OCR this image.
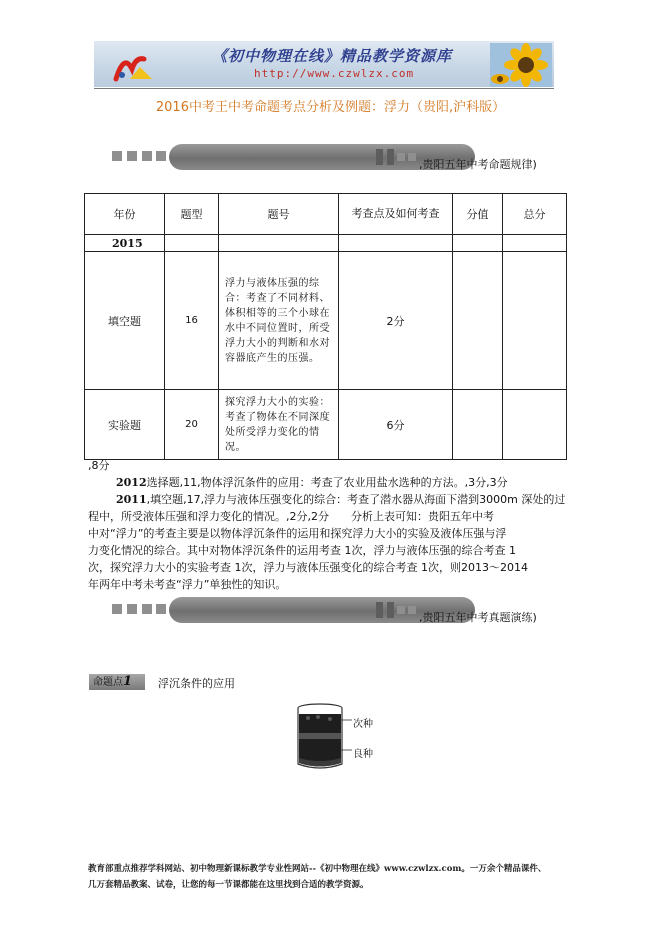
《初中物理在线》精品教学资源库
http://www.czwlzx.com
2016中考王中考命题考点分析及例题：浮力（贵阳,沪科版）
,贵阳五年中考命题规律)
年份	题型	题号	考查点及如何考查	分值	总分
2015					
填空题	16	浮力与液体压强的综合：考查了不同材料、体积相等的三个小球在水中不同位置时，所受浮力大小的判断和水对容器底产生的压强。	2分		
实验题	20	探究浮力大小的实验：考查了物体在不同深度处所受浮力变化的情况。	6分		
,8分
2012选择题,11,物体浮沉条件的应用：考查了农业用盐水选种的方法。,3分,3分
2011,填空题,17,浮力与液体压强变化的综合：考查了潜水器从海面下潜到3000m 深处的过程中，所受液体压强和浮力变化的情况。,2分,2分　　 分析上表可知：贵阳五年中考
中对“浮力”的考查主要是以物体浮沉条件的运用和探究浮力大小的实验及液体压强与浮
力变化情况的综合。其中对物体浮沉条件的运用考查 1次，浮力与液体压强的综合考查 1
次，探究浮力大小的实验考查 1次，浮力与液体压强变化的综合考查 1次，则2013～2014
年两年中考未考查“浮力”单独性的知识。
,贵阳五年中考真题演练)
命题点1	浮沉条件的应用
次种
良种
教育部重点推荐学科网站、初中物理新课标教学专业性网站--《初中物理在线》www.czwlzx.com。一万余个精品课件、
几万套精品教案、试卷，让您的每一节课都能在这里找到合适的教学资源。
